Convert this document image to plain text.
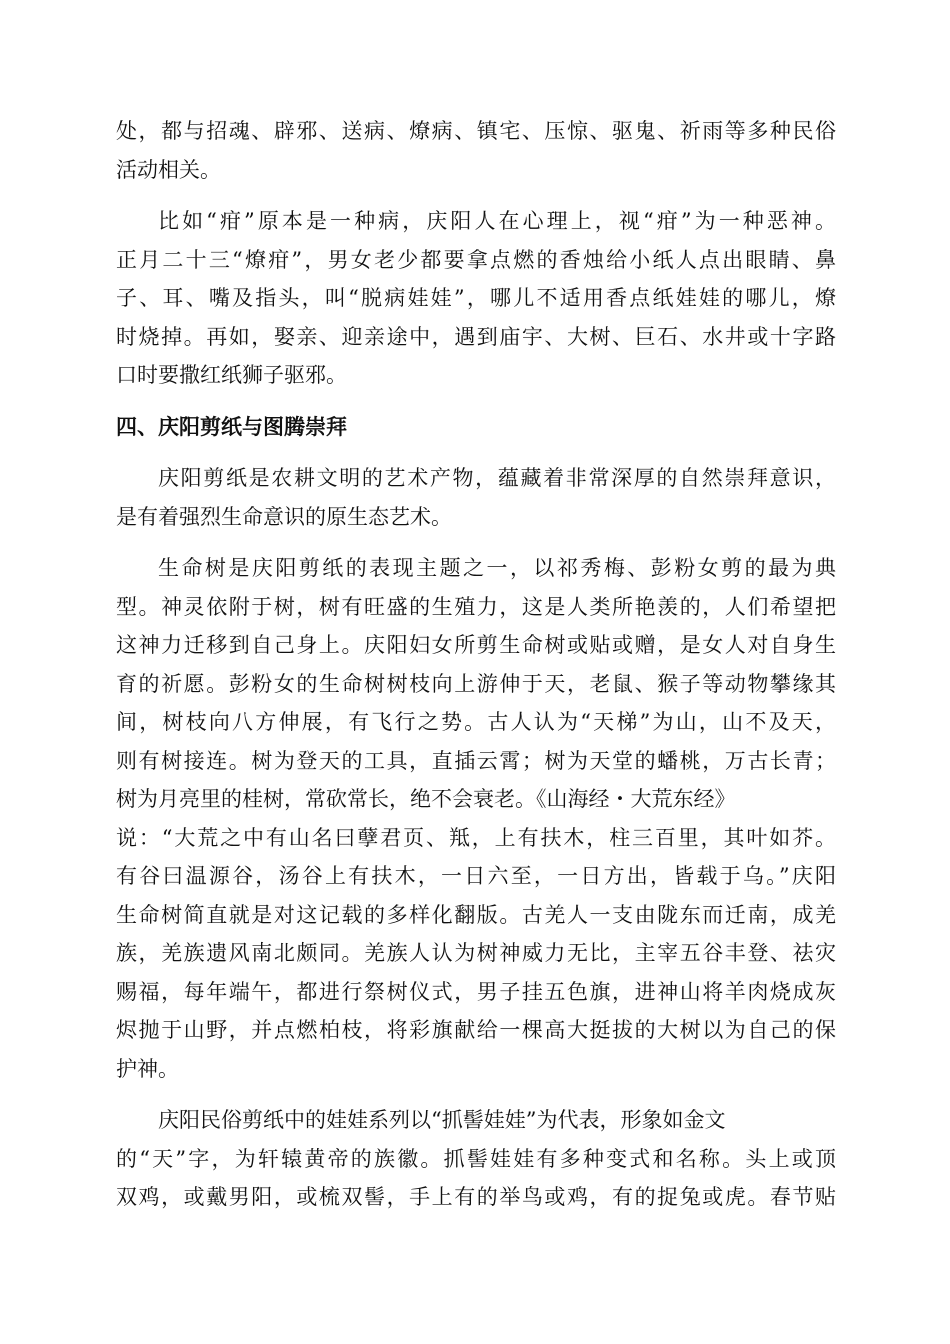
处，都与招魂、辟邪、送病、燎病、镇宅、压惊、驱鬼、祈雨等多种民俗
活动相关。

比如“疳”原本是一种病，庆阳人在心理上，视“疳”为一种恶神。
正月二十三“燎疳”，男女老少都要拿点燃的香烛给小纸人点出眼睛、鼻
子、耳、嘴及指头，叫“脱病娃娃”，哪儿不适用香点纸娃娃的哪儿，燎
时烧掉。再如，娶亲、迎亲途中，遇到庙宇、大树、巨石、水井或十字路
口时要撒红纸狮子驱邪。

四、庆阳剪纸与图腾崇拜

庆阳剪纸是农耕文明的艺术产物，蕴藏着非常深厚的自然崇拜意识，
是有着强烈生命意识的原生态艺术。

生命树是庆阳剪纸的表现主题之一，以祁秀梅、彭粉女剪的最为典
型。神灵依附于树，树有旺盛的生殖力，这是人类所艳羡的，人们希望把
这神力迁移到自己身上。庆阳妇女所剪生命树或贴或赠，是女人对自身生
育的祈愿。彭粉女的生命树树枝向上游伸于天，老鼠、猴子等动物攀缘其
间，树枝向八方伸展，有飞行之势。古人认为“天梯”为山，山不及天，
则有树接连。树为登天的工具，直插云霄；树为天堂的蟠桃，万古长青；
树为月亮里的桂树，常砍常长，绝不会衰老。《山海经・大荒东经》
说：“大荒之中有山名曰孽君页、羝，上有扶木，柱三百里，其叶如芥。
有谷曰温源谷，汤谷上有扶木，一日六至，一日方出，皆载于乌。”庆阳
生命树简直就是对这记载的多样化翻版。古羌人一支由陇东而迁南，成羌
族，羌族遗风南北颇同。羌族人认为树神威力无比，主宰五谷丰登、祛灾
赐福，每年端午，都进行祭树仪式，男子挂五色旗，进神山将羊肉烧成灰
烬抛于山野，并点燃柏枝，将彩旗献给一棵高大挺拔的大树以为自己的保
护神。

庆阳民俗剪纸中的娃娃系列以“抓髻娃娃”为代表，形象如金文
的“天”字，为轩辕黄帝的族徽。抓髻娃娃有多种变式和名称。头上或顶
双鸡，或戴男阳，或梳双髻，手上有的举鸟或鸡，有的捉兔或虎。春节贴
